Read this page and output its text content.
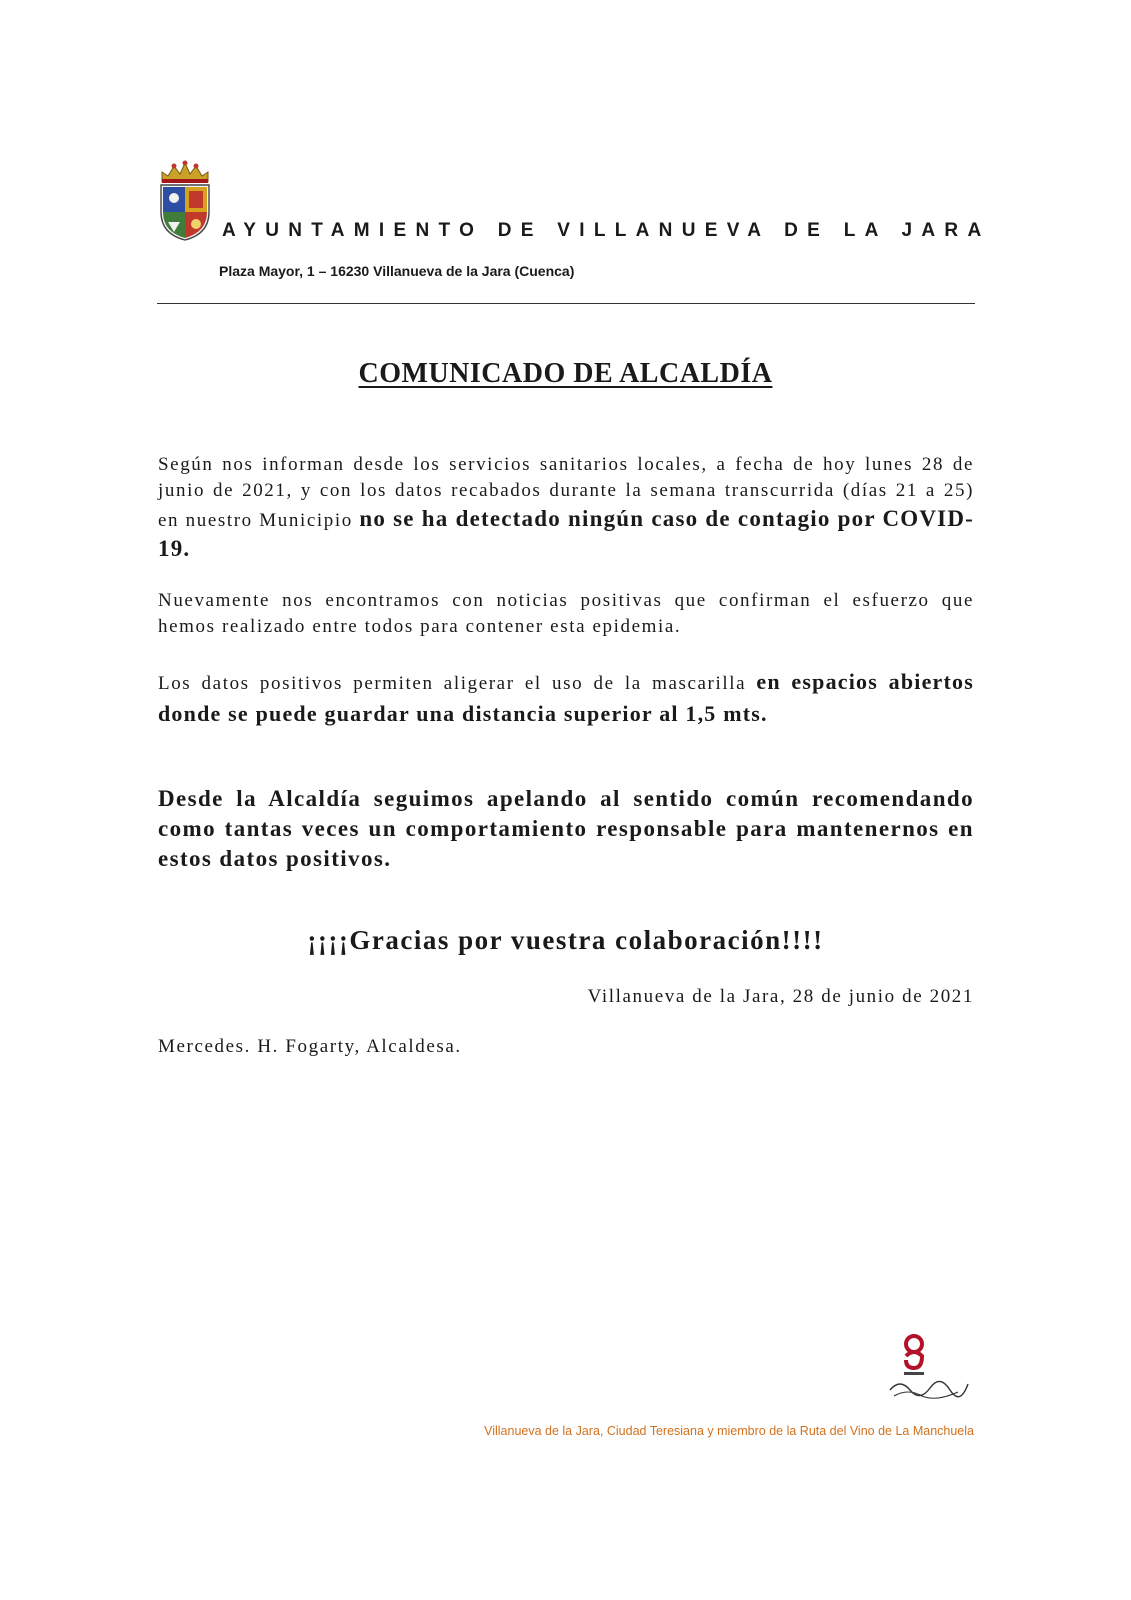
AYUNTAMIENTO DE VILLANUEVA DE LA JARA
Plaza Mayor, 1 – 16230 Villanueva de la Jara (Cuenca)
COMUNICADO DE ALCALDÍA

Según nos informan desde los servicios sanitarios locales, a fecha de hoy lunes 28 de junio de 2021, y con los datos recabados durante la semana transcurrida (días 21 a 25) en nuestro Municipio no se ha detectado ningún caso de contagio por COVID-19.

Nuevamente nos encontramos con noticias positivas que confirman el esfuerzo que hemos realizado entre todos para contener esta epidemia.

Los datos positivos permiten aligerar el uso de la mascarilla en espacios abiertos donde se puede guardar una distancia superior al 1,5 mts.

Desde la Alcaldía seguimos apelando al sentido común recomendando como tantas veces un comportamiento responsable para mantenernos en estos datos positivos.

¡¡¡¡Gracias por vuestra colaboración!!!!
Villanueva de la Jara, 28 de junio de 2021
Mercedes. H. Fogarty, Alcaldesa.
Villanueva de la Jara, Ciudad Teresiana y miembro de la Ruta del Vino de La Manchuela
